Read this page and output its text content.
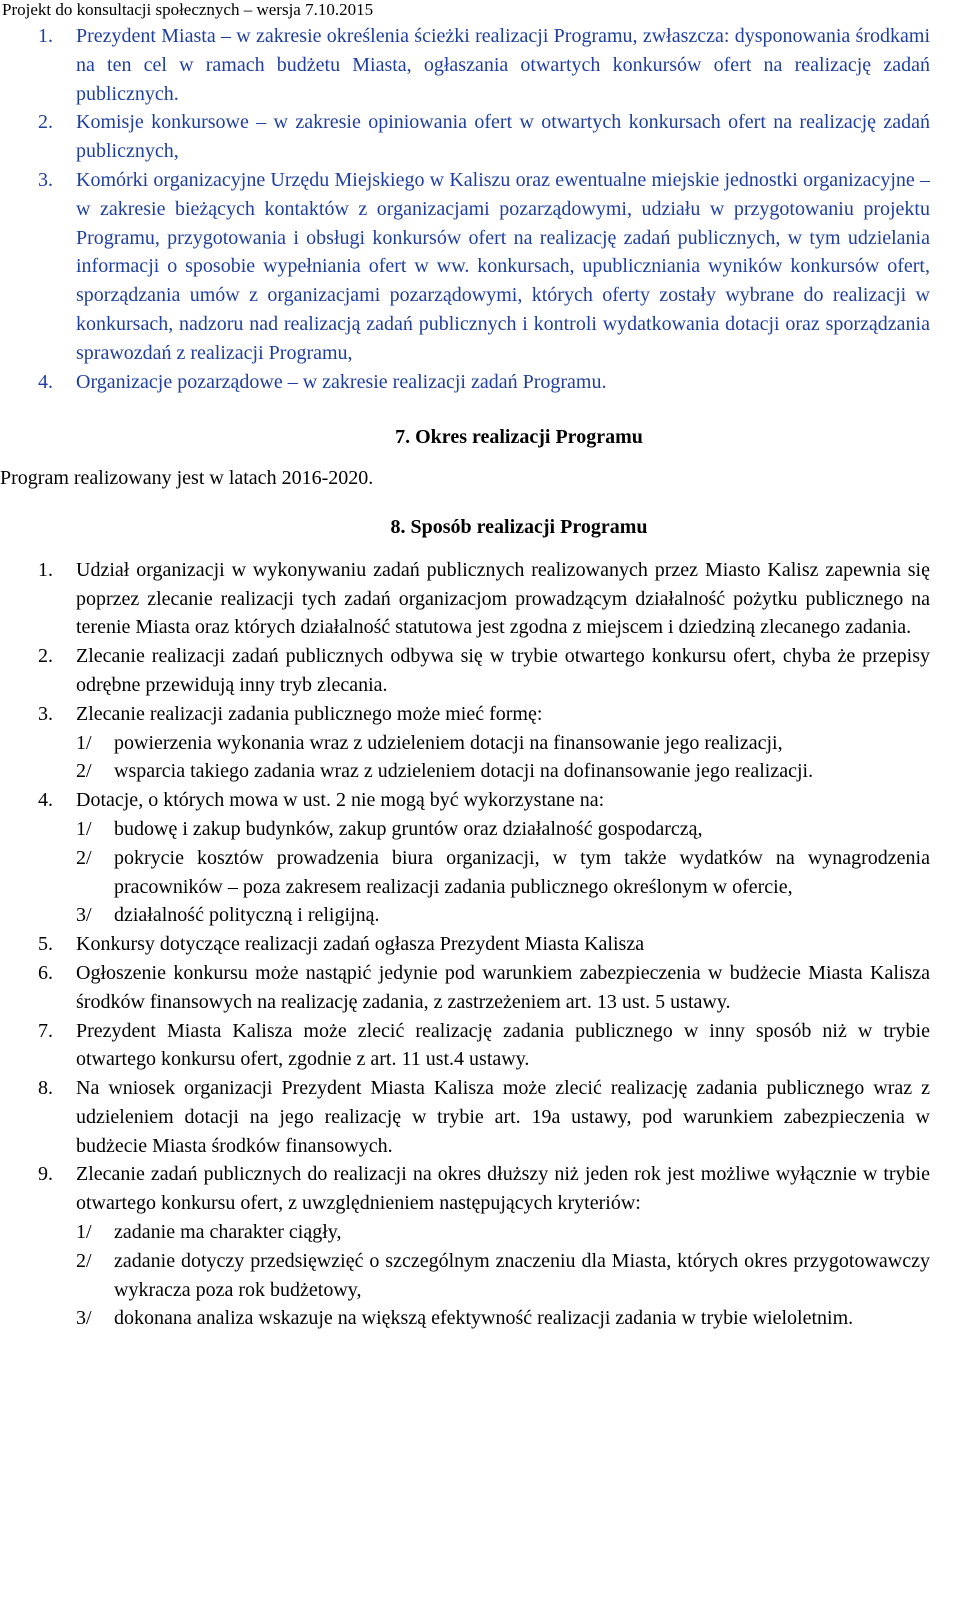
Projekt do konsultacji społecznych – wersja 7.10.2015
1. Prezydent Miasta – w zakresie określenia ścieżki realizacji Programu, zwłaszcza: dysponowania środkami na ten cel w ramach budżetu Miasta, ogłaszania otwartych konkursów ofert na realizację zadań publicznych.
2. Komisje konkursowe – w zakresie opiniowania ofert w otwartych konkursach ofert na realizację zadań publicznych,
3. Komórki organizacyjne Urzędu Miejskiego w Kaliszu oraz ewentualne miejskie jednostki organizacyjne – w zakresie bieżących kontaktów z organizacjami pozarządowymi, udziału w przygotowaniu projektu Programu, przygotowania i obsługi konkursów ofert na realizację zadań publicznych, w tym udzielania informacji o sposobie wypełniania ofert w ww. konkursach, upubliczniania wyników konkursów ofert, sporządzania umów z organizacjami pozarządowymi, których oferty zostały wybrane do realizacji w konkursach, nadzoru nad realizacją zadań publicznych i kontroli wydatkowania dotacji oraz sporządzania sprawozdań z realizacji Programu,
4. Organizacje pozarządowe – w zakresie realizacji zadań Programu.
7. Okres realizacji Programu
Program realizowany jest w latach 2016-2020.
8. Sposób realizacji Programu
1. Udział organizacji w wykonywaniu zadań publicznych realizowanych przez Miasto Kalisz zapewnia się poprzez zlecanie realizacji tych zadań organizacjom prowadzącym działalność pożytku publicznego na terenie Miasta oraz których działalność statutowa jest zgodna z miejscem i dziedziną zlecanego zadania.
2. Zlecanie realizacji zadań publicznych odbywa się w trybie otwartego konkursu ofert, chyba że przepisy odrębne przewidują inny tryb zlecania.
3. Zlecanie realizacji zadania publicznego może mieć formę:
1/ powierzenia wykonania wraz z udzieleniem dotacji na finansowanie jego realizacji,
2/ wsparcia takiego zadania wraz z udzieleniem dotacji na dofinansowanie jego realizacji.
4. Dotacje, o których mowa w ust. 2 nie mogą być wykorzystane na:
1/ budowę i zakup budynków, zakup gruntów oraz działalność gospodarczą,
2/ pokrycie kosztów prowadzenia biura organizacji, w tym także wydatków na wynagrodzenia pracowników – poza zakresem realizacji zadania publicznego określonym w ofercie,
3/ działalność polityczną i religijną.
5. Konkursy dotyczące realizacji zadań ogłasza Prezydent Miasta Kalisza
6. Ogłoszenie konkursu może nastąpić jedynie pod warunkiem zabezpieczenia w budżecie Miasta Kalisza środków finansowych na realizację zadania, z zastrzeżeniem art. 13 ust. 5 ustawy.
7. Prezydent Miasta Kalisza może zlecić realizację zadania publicznego w inny sposób niż w trybie otwartego konkursu ofert, zgodnie z art. 11 ust.4 ustawy.
8. Na wniosek organizacji Prezydent Miasta Kalisza może zlecić realizację zadania publicznego wraz z udzieleniem dotacji na jego realizację w trybie art. 19a ustawy, pod warunkiem zabezpieczenia w budżecie Miasta środków finansowych.
9. Zlecanie zadań publicznych do realizacji na okres dłuższy niż jeden rok jest możliwe wyłącznie w trybie otwartego konkursu ofert, z uwzględnieniem następujących kryteriów:
1/ zadanie ma charakter ciągły,
2/ zadanie dotyczy przedsięwzięć o szczególnym znaczeniu dla Miasta, których okres przygotowawczy wykracza poza rok budżetowy,
3/ dokonana analiza wskazuje na większą efektywność realizacji zadania w trybie wieloletnim.
